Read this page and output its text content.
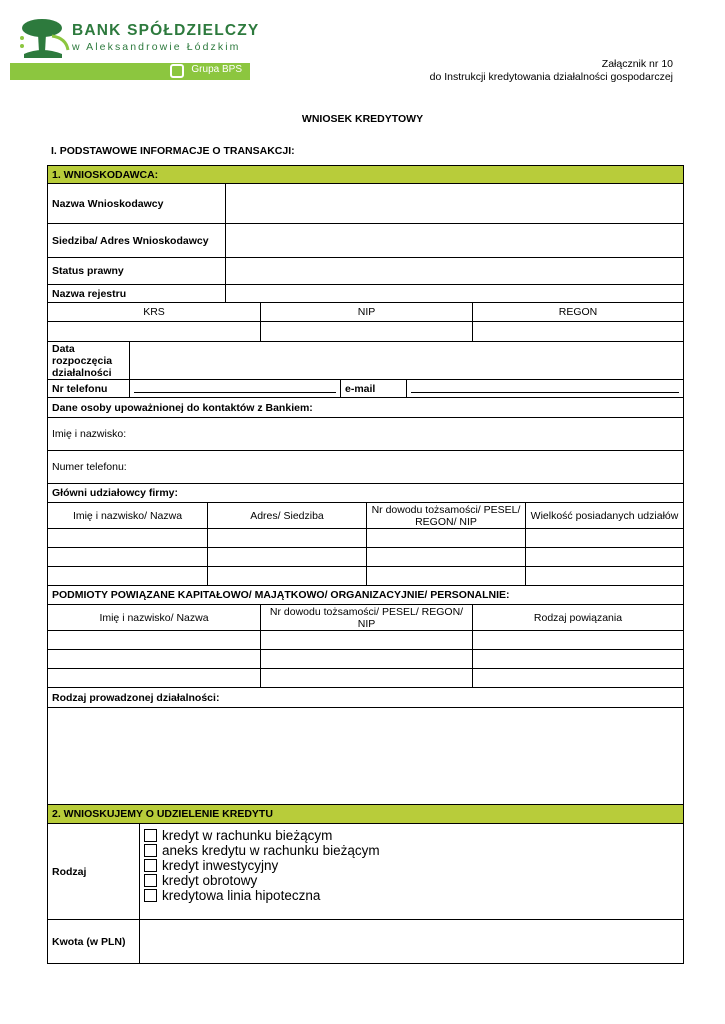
BANK SPÓŁDZIELCZY
w Aleksandrowie Łódzkim
Grupa BPS	Załącznik nr 10
do Instrukcji kredytowania działalności gospodarczej
WNIOSEK KREDYTOWY
I. PODSTAWOWE INFORMACJE O TRANSAKCJI:
1. WNIOSKODAWCA:
Nazwa Wnioskodawcy
Siedziba/ Adres Wnioskodawcy
Status prawny
Nazwa rejestru
KRS	NIP	REGON
Data rozpoczęcia działalności
Nr telefonu	e-mail
Dane osoby upoważnionej do kontaktów z Bankiem:
Imię i nazwisko:
Numer telefonu:
Główni udziałowcy firmy:
Imię i nazwisko/ Nazwa	Adres/ Siedziba	Nr dowodu tożsamości/ PESEL/ REGON/ NIP	Wielkość posiadanych udziałów
PODMIOTY POWIĄZANE KAPITAŁOWO/ MAJĄTKOWO/ ORGANIZACYJNIE/ PERSONALNIE:
Imię i nazwisko/ Nazwa	Nr dowodu tożsamości/ PESEL/ REGON/ NIP	Rodzaj powiązania
Rodzaj prowadzonej działalności:
2. WNIOSKUJEMY O UDZIELENIE KREDYTU
Rodzaj
kredyt w rachunku bieżącym
aneks kredytu w rachunku bieżącym
kredyt inwestycyjny
kredyt obrotowy
kredytowa linia hipoteczna
Kwota (w PLN)
